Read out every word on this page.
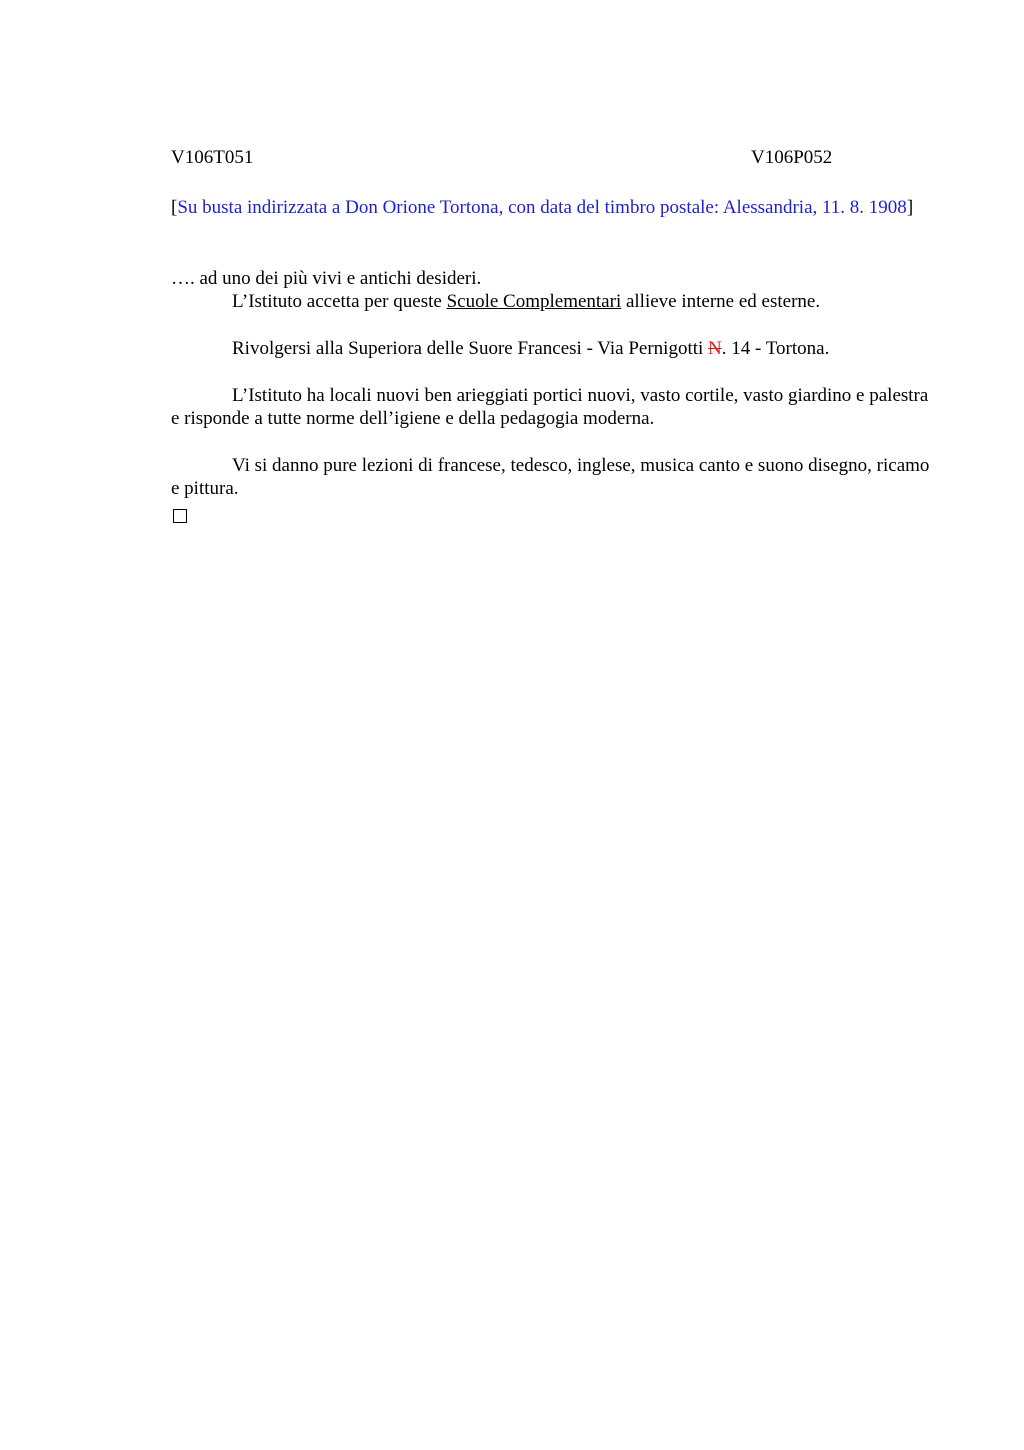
V106T051	V106P052
[Su busta indirizzata a Don Orione Tortona, con data del timbro postale: Alessandria, 11. 8. 1908]

…. ad uno dei più vivi e antichi desideri.

L’Istituto accetta per queste Scuole Complementari allieve interne ed esterne.

Rivolgersi alla Superiora delle Suore Francesi - Via Pernigotti N. 14 - Tortona.

L’Istituto ha locali nuovi ben arieggiati portici nuovi, vasto cortile, vasto giardino e palestra e risponde a tutte norme dell’igiene e della pedagogia moderna.

Vi si danno pure lezioni di francese, tedesco, inglese, musica canto e suono disegno, ricamo e pittura.
